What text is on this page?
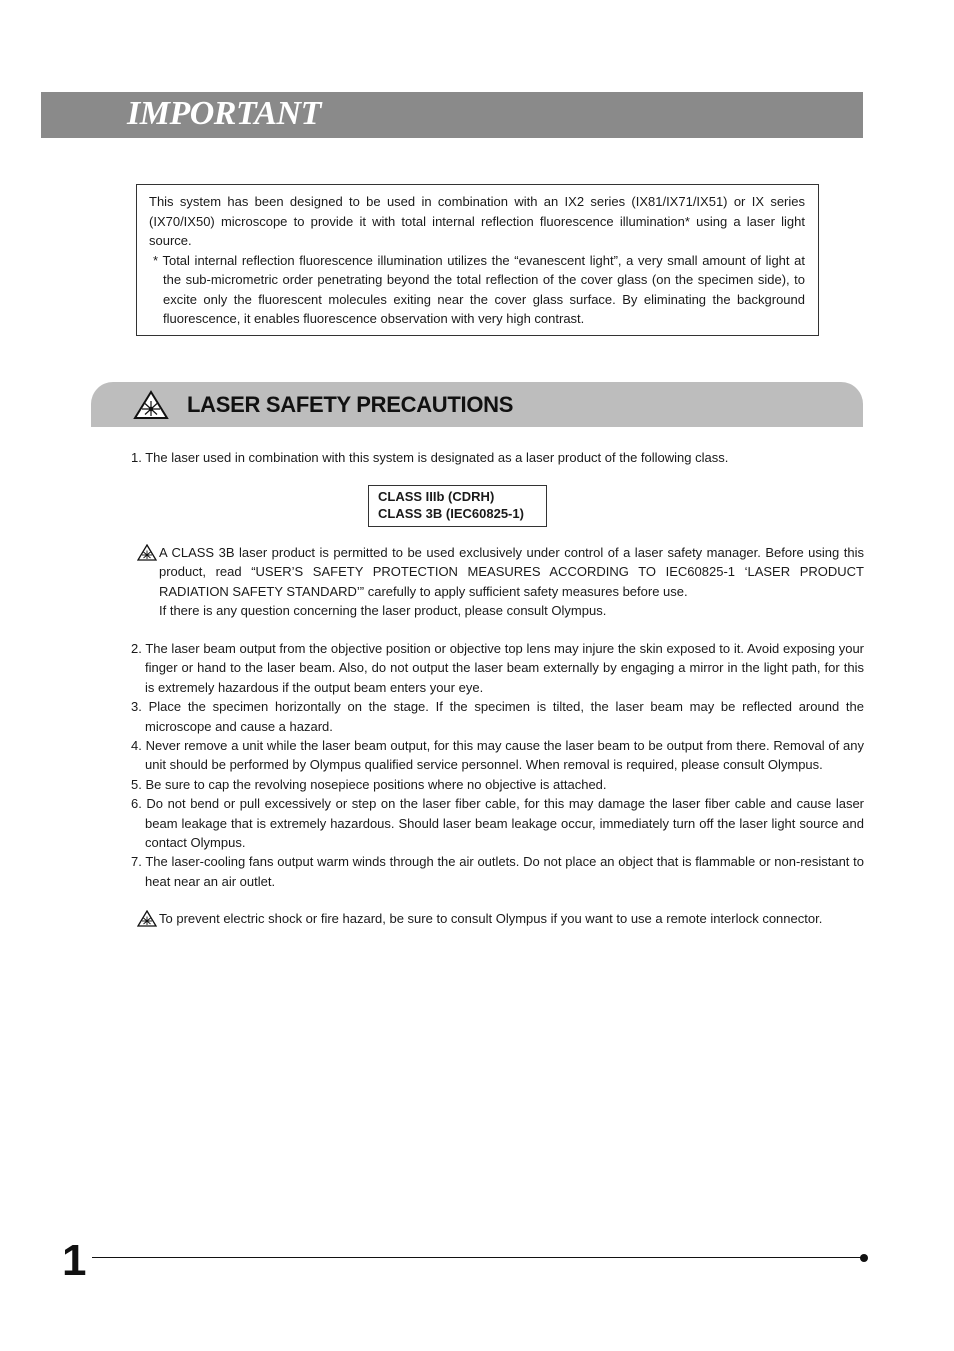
IMPORTANT

This system has been designed to be used in combination with an IX2 series (IX81/IX71/IX51) or IX series (IX70/IX50) microscope to provide it with total internal reflection fluorescence illumination* using a laser light source.

* Total internal reflection fluorescence illumination utilizes the “evanescent light”, a very small amount of light at the sub-micrometric order penetrating beyond the total reflection of the cover glass (on the specimen side), to excite only the fluorescent molecules exiting near the cover glass surface. By eliminating the background fluorescence, it enables fluorescence observation with very high contrast.

LASER SAFETY PRECAUTIONS

1. The laser used in combination with this system is designated as a laser product of the following class.

CLASS IIIb (CDRH)
CLASS 3B (IEC60825-1)

A CLASS 3B laser product is permitted to be used exclusively under control of a laser safety manager. Before using this product, read “USER’S SAFETY PROTECTION MEASURES ACCORDING TO IEC60825-1 ‘LASER PRODUCT RADIATION SAFETY STANDARD’” carefully to apply sufficient safety measures before use.
If there is any question concerning the laser product, please consult Olympus.

2. The laser beam output from the objective position or objective top lens may injure the skin exposed to it. Avoid exposing your finger or hand to the laser beam. Also, do not output the laser beam externally by engaging a mirror in the light path, for this is extremely hazardous if the output beam enters your eye.

3. Place the specimen horizontally on the stage. If the specimen is tilted, the laser beam may be reflected around the microscope and cause a hazard.

4. Never remove a unit while the laser beam output, for this may cause the laser beam to be output from there. Removal of any unit should be performed by Olympus qualified service personnel. When removal is required, please consult Olympus.

5. Be sure to cap the revolving nosepiece positions where no objective is attached.

6. Do not bend or pull excessively or step on the laser fiber cable, for this may damage the laser fiber cable and cause laser beam leakage that is extremely hazardous. Should laser beam leakage occur, immediately turn off the laser light source and contact Olympus.

7. The laser-cooling fans output warm winds through the air outlets. Do not place an object that is flammable or non-resistant to heat near an air outlet.

To prevent electric shock or fire hazard, be sure to consult Olympus if you want to use a remote interlock connector.

1
